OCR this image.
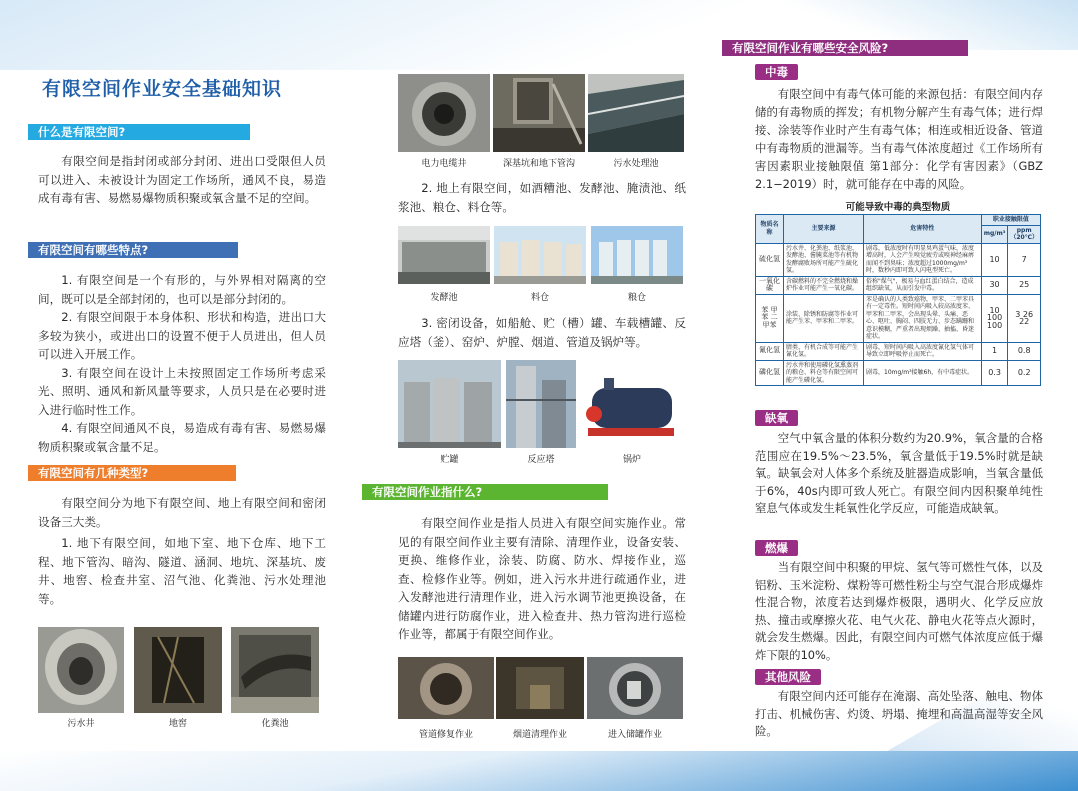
有限空间作业安全基础知识
什么是有限空间?

有限空间是指封闭或部分封闭、进出口受限但人员可以进入、未被设计为固定工作场所，通风不良，易造成有毒有害、易燃易爆物质积聚或氧含量不足的空间。

有限空间有哪些特点?

1. 有限空间是一个有形的，与外界相对隔离的空间，既可以是全部封闭的，也可以是部分封闭的。

2. 有限空间限于本身体积、形状和构造，进出口大多较为狭小，或进出口的设置不便于人员进出，但人员可以进入开展工作。

3. 有限空间在设计上未按照固定工作场所考虑采光、照明、通风和新风量等要求，人员只是在必要时进入进行临时性工作。

4. 有限空间通风不良，易造成有毒有害、易燃易爆物质积聚或氧含量不足。

有限空间有几种类型?

有限空间分为地下有限空间、地上有限空间和密闭设备三大类。

1. 地下有限空间，如地下室、地下仓库、地下工程、地下管沟、暗沟、隧道、涵洞、地坑、深基坑、废井、地窖、检查井室、沼气池、化粪池、污水处理池等。

污水井	地窖	化粪池
电力电缆井	深基坑和地下管沟	污水处理池

2. 地上有限空间，如酒糟池、发酵池、腌渍池、纸浆池、粮仓、料仓等。

发酵池	料仓	粮仓

3. 密闭设备，如船舱、贮（槽）罐、车载槽罐、反应塔（釜）、窑炉、炉膛、烟道、管道及锅炉等。

贮罐	反应塔	锅炉
有限空间作业指什么?

有限空间作业是指人员进入有限空间实施作业。常见的有限空间作业主要有清除、清理作业，设备安装、更换、维修作业，涂装、防腐、防水、焊接作业，巡查、检修作业等。例如，进入污水井进行疏通作业，进入发酵池进行清理作业，进入污水调节池更换设备，在储罐内进行防腐作业，进入检查井、热力管沟进行巡检作业等，都属于有限空间作业。

管道修复作业	烟道清理作业	进入储罐作业
有限空间作业有哪些安全风险?
中毒

有限空间中有毒气体可能的来源包括：有限空间内存储的有毒物质的挥发；有机物分解产生有毒气体；进行焊接、涂装等作业时产生有毒气体；相连或相近设备、管道中有毒物质的泄漏等。当有毒气体浓度超过《工作场所有害因素职业接触限值 第1部分：化学有害因素》（GBZ 2.1−2019）时，就可能存在中毒的风险。

可能导致中毒的典型物质
物质名称	主要来源	危害特性	职业接触限值	
			mg/m³	ppm（20℃）
硫化氢	污水井、化粪池、纸浆池、发酵池、酱腌菜池等有机物发酵腐败场所可能产生硫化氢。	剧毒，低浓度时有明显臭鸡蛋气味，浓度增高时，人会产生嗅觉疲劳或嗅神经麻痹而闻不到臭味；浓度超过1000mg/m³时，数秒内即可致人闪电型死亡。	10	7
一氧化碳	含碳燃料的不完全燃烧和燥炉作业可能产生一氧化碳。	俗称"煤气"，极易与血红蛋白结合，造成组织缺氧，从而引发中毒。	30	25
苯 甲苯 二甲苯	涂装、除锈和防腐等作业可能产生苯、甲苯和二甲苯。	苯是确认的人类致癌物，甲苯、二甲苯具有一定毒性。短时间内吸入较高浓度苯、甲苯和二甲苯，会出现头晕、头痛、恶心、呕吐、胸闷、四肢无力、步态蹒跚和意识模糊，严重者出现烦躁、抽搐、昏迷症状。	10 100 100	3 26 22
氰化氢	腈类、有机合成等可能产生氰化氢。	剧毒，短时间内吸入高浓度氰化氢气体可导致立即呼吸停止而死亡。	1	0.8
磷化氢	污水井和使用磷化氢熏蒸剂的粮仓、料仓等有限空间可能产生磷化氢。	剧毒，10mg/m³接触6h，有中毒症状。	0.3	0.2
缺氧

空气中氧含量的体积分数约为20.9%，氧含量的合格范围应在19.5%～23.5%，氧含量低于19.5%时就是缺氧。缺氧会对人体多个系统及脏器造成影响，当氧含量低于6%，40s内即可致人死亡。有限空间内因积聚单纯性窒息气体或发生耗氧性化学反应，可能造成缺氧。

燃爆

当有限空间中积聚的甲烷、氢气等可燃性气体，以及铝粉、玉米淀粉、煤粉等可燃性粉尘与空气混合形成爆炸性混合物，浓度若达到爆炸极限，遇明火、化学反应放热、撞击或摩擦火花、电气火花、静电火花等点火源时，就会发生燃爆。因此，有限空间内可燃气体浓度应低于爆炸下限的10%。

其他风险

有限空间内还可能存在淹溺、高处坠落、触电、物体打击、机械伤害、灼烫、坍塌、掩埋和高温高湿等安全风险。
